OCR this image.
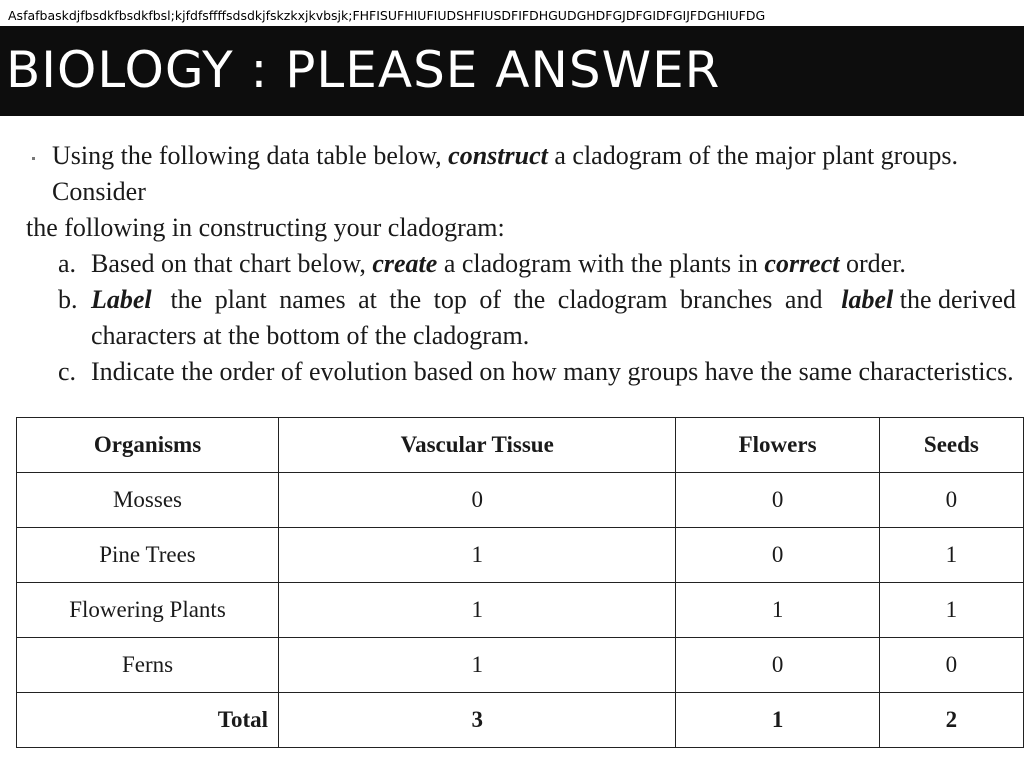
Asfafbaskdjfbsdkfbsdkfbsl;kjfdfsffffsdsdkjfskzkxjkvbsjk;FHFISUFHIUFIUDSHFIUSDFIFDHGUDGHDFGJDFGIDFGIJFDGHIUFDG
BIOLOGY : PLEASE ANSWER
Using the following data table below, construct a cladogram of the major plant groups. Consider
the following in constructing your cladogram:
a. Based on that chart below, create a cladogram with the plants in correct order.
b. Label the plant names at the top of the cladogram branches and label the derived
characters at the bottom of the cladogram.
c. Indicate the order of evolution based on how many groups have the same characteristics.
Organisms	Vascular Tissue	Flowers	Seeds
Mosses	0	0	0
Pine Trees	1	0	1
Flowering Plants	1	1	1
Ferns	1	0	0
Total	3	1	2
